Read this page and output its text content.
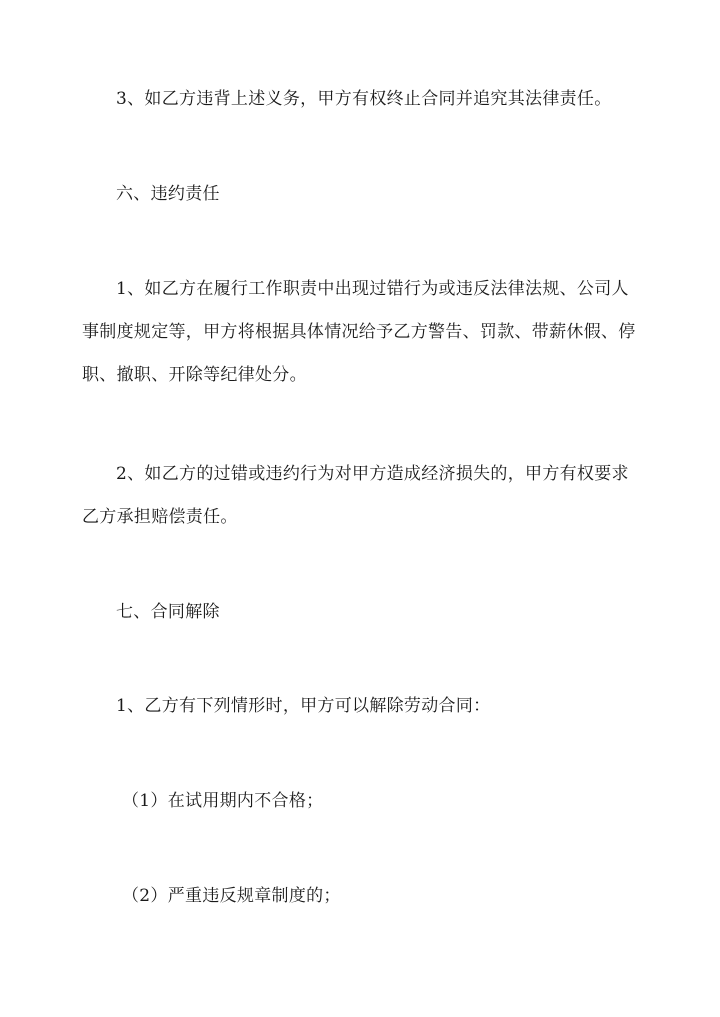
3、如乙方违背上述义务，甲方有权终止合同并追究其法律责任。

六、违约责任

1、如乙方在履行工作职责中出现过错行为或违反法律法规、公司人
事制度规定等，甲方将根据具体情况给予乙方警告、罚款、带薪休假、停
职、撤职、开除等纪律处分。

2、如乙方的过错或违约行为对甲方造成经济损失的，甲方有权要求
乙方承担赔偿责任。

七、合同解除

1、乙方有下列情形时，甲方可以解除劳动合同：

（1）在试用期内不合格；

（2）严重违反规章制度的；
